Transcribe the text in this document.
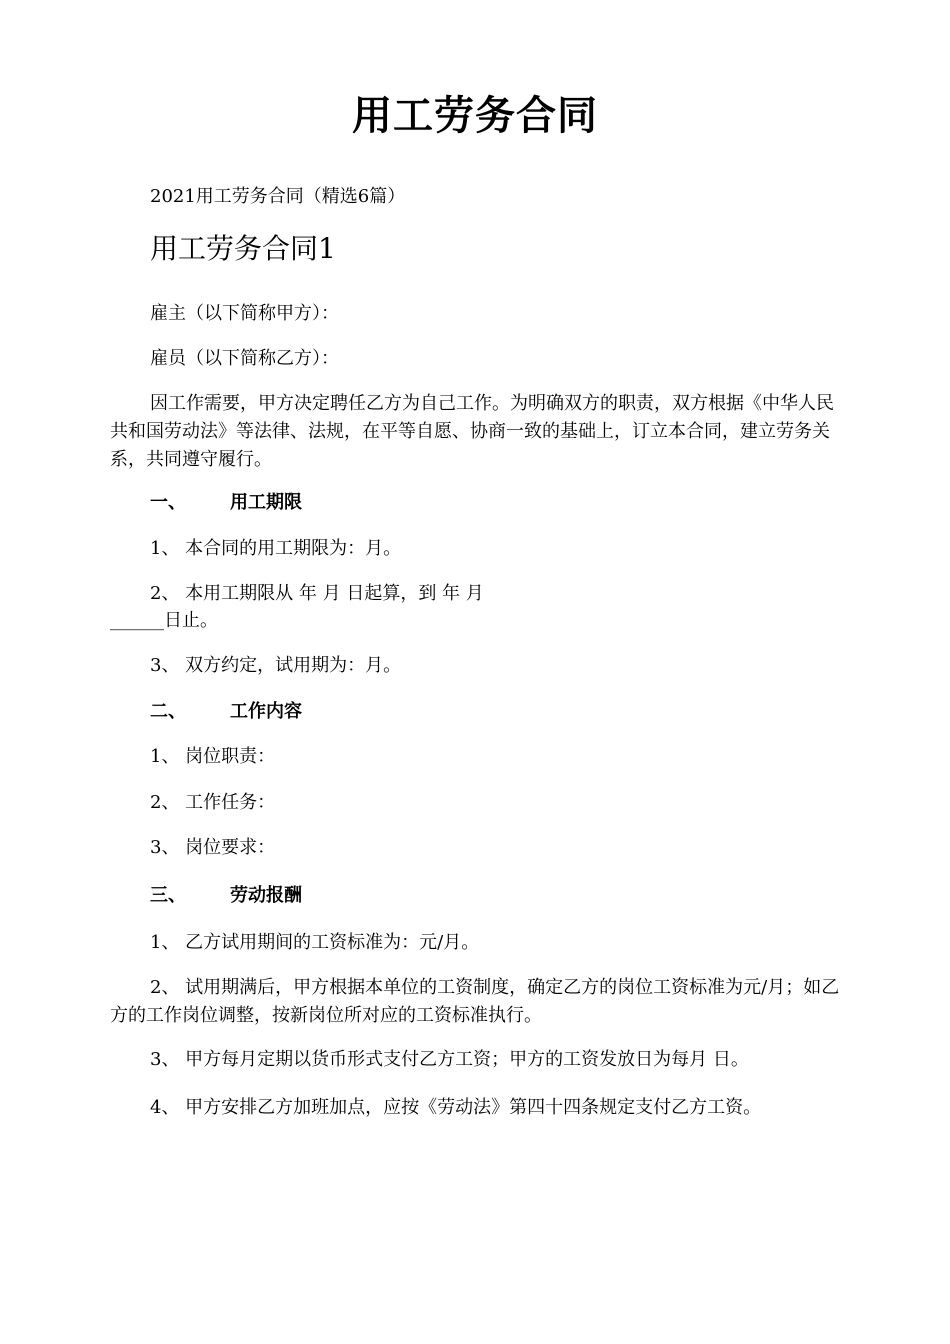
用工劳务合同
2021用工劳务合同（精选6篇）
用工劳务合同1
雇主（以下简称甲方）：
雇员（以下简称乙方）：
因工作需要，甲方决定聘任乙方为自己工作。为明确双方的职责，双方根据《中华人民共和国劳动法》等法律、法规，在平等自愿、协商一致的基础上，订立本合同，建立劳务关系，共同遵守履行。
一、 用工期限
1、 本合同的用工期限为：月。
2、 本用工期限从 年 月 日起算，到 年 月
______日止。
3、 双方约定，试用期为：月。
二、 工作内容
1、 岗位职责：
2、 工作任务：
3、 岗位要求：
三、 劳动报酬
1、 乙方试用期间的工资标准为：元/月。
2、 试用期满后，甲方根据本单位的工资制度，确定乙方的岗位工资标准为元/月；如乙方的工作岗位调整，按新岗位所对应的工资标准执行。
3、 甲方每月定期以货币形式支付乙方工资；甲方的工资发放日为每月 日。
4、 甲方安排乙方加班加点，应按《劳动法》第四十四条规定支付乙方工资。
